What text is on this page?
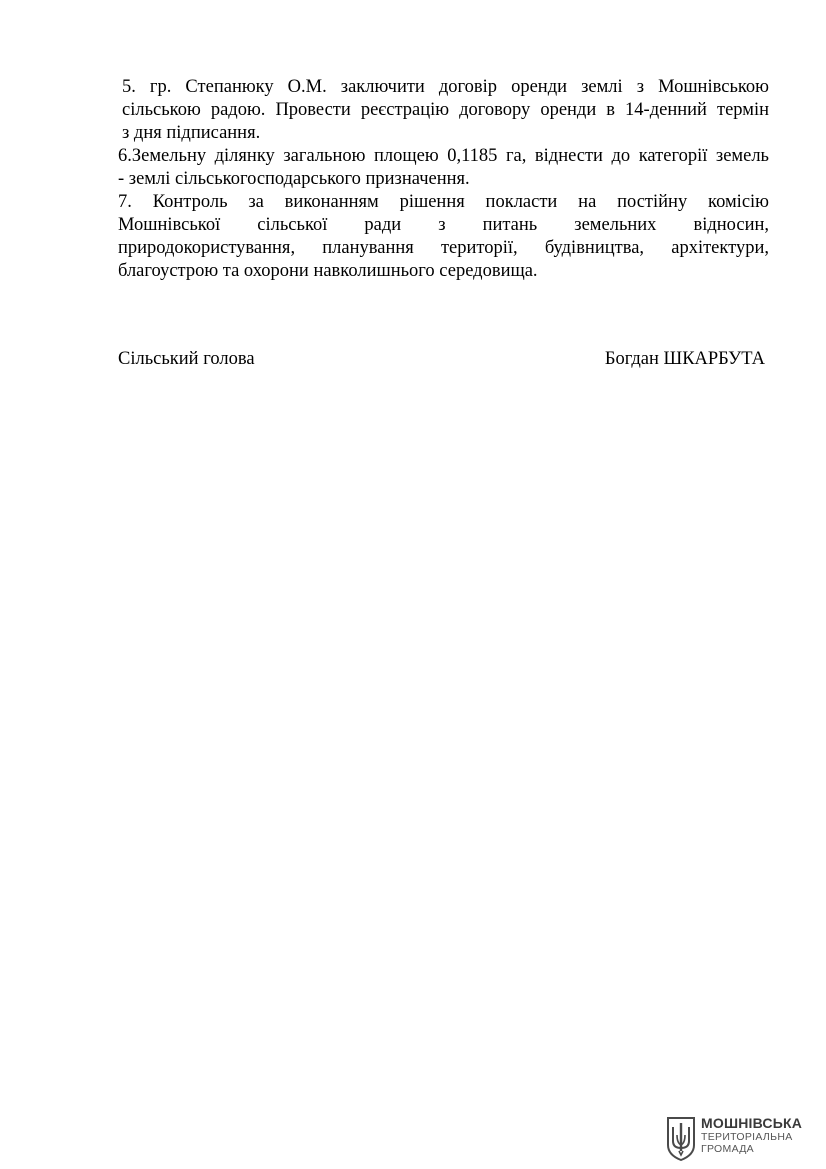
5. гр. Степанюку О.М. заключити договір оренди землі з Мошнівською
сільською радою. Провести реєстрацію договору оренди в 14-денний термін
з дня підписання.

6.Земельну ділянку загальною площею 0,1185 га, віднести до категорії земель
- землі сільськогосподарського призначення.

7. Контроль за виконанням рішення покласти на постійну комісію
Мошнівської сільської ради з питань земельних відносин,
природокористування, планування території, будівництва, архітектури,
благоустрою та охорони навколишнього середовища.

Сільський голова	Богдан ШКАРБУТА
МОШНІВСЬКА
ТЕРИТОРІАЛЬНА
ГРОМАДА
